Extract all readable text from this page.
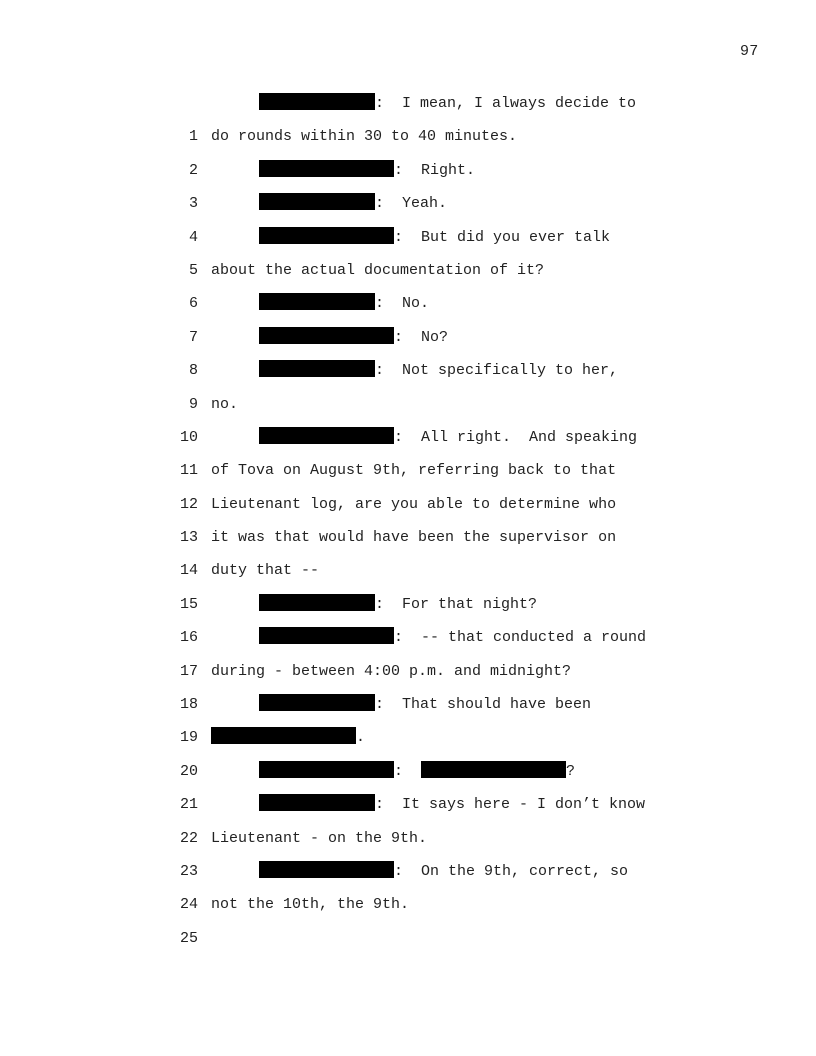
97

1

:  I mean, I always decide to

2

do rounds within 30 to 40 minutes.

3

:  Right.

4

:  Yeah.

5

:  But did you ever talk

6

about the actual documentation of it?

7

:  No.

8

:  No?

9

:  Not specifically to her,

10

no.

11

:  All right.  And speaking

12

of Tova on August 9th, referring back to that

13

Lieutenant log, are you able to determine who

14

it was that would have been the supervisor on

15

duty that --

16

:  For that night?

17

:  -- that conducted a round

18

during - between 4:00 p.m. and midnight?

19

:  That should have been

20

.

21

:	?

22

:  It says here - I don’t know

23

Lieutenant - on the 9th.

24

:  On the 9th, correct, so

25

not the 10th, the 9th.
